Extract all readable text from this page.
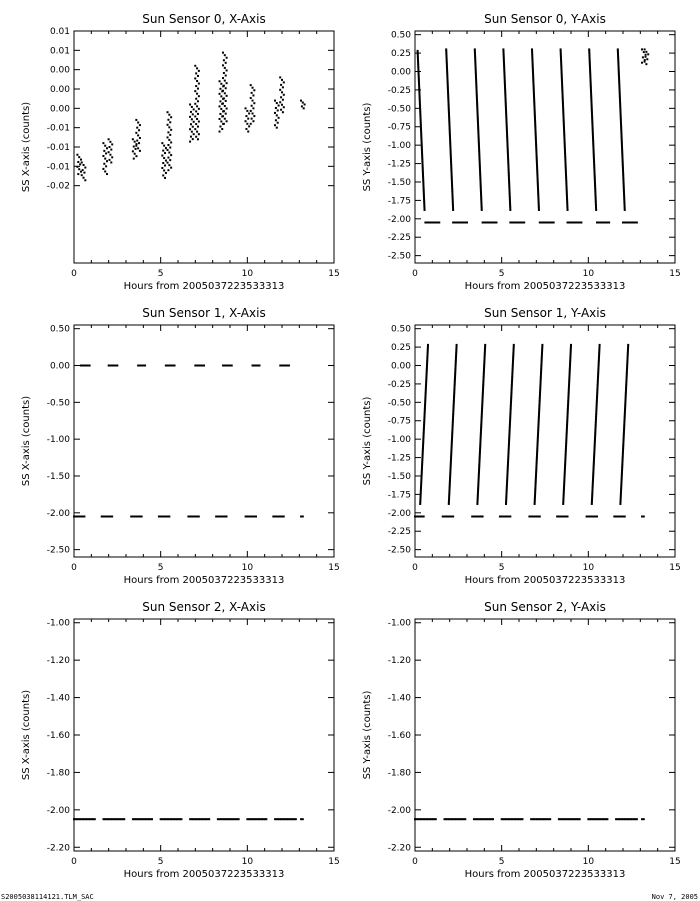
Sun Sensor 0, X-Axis
0	5	10	15
Hours from 2005037223533313
0.01
0.01
0.00
0.00
0.00
-0.01
-0.01
-0.01
-0.02
SS X-axis (counts)
Sun Sensor 0, Y-Axis
0	5	10	15
Hours from 2005037223533313
0.50
0.25
0.00
-0.25
-0.50
-0.75
-1.00
-1.25
-1.50
-1.75
-2.00
-2.25
-2.50
SS Y-axis (counts)
Sun Sensor 1, X-Axis
0	5	10	15
Hours from 2005037223533313
0.50
0.00
-0.50
-1.00
-1.50
-2.00
-2.50
SS X-axis (counts)
Sun Sensor 1, Y-Axis
0	5	10	15
Hours from 2005037223533313
0.50
0.25
0.00
-0.25
-0.50
-0.75
-1.00
-1.25
-1.50
-1.75
-2.00
-2.25
-2.50
SS Y-axis (counts)
Sun Sensor 2, X-Axis
0	5	10	15
Hours from 2005037223533313
-1.00
-1.20
-1.40
-1.60
-1.80
-2.00
-2.20
SS X-axis (counts)
Sun Sensor 2, Y-Axis
0	5	10	15
Hours from 2005037223533313
-1.00
-1.20
-1.40
-1.60
-1.80
-2.00
-2.20
SS Y-axis (counts)
S2005038114121.TLM_SAC	Nov 7, 2005
